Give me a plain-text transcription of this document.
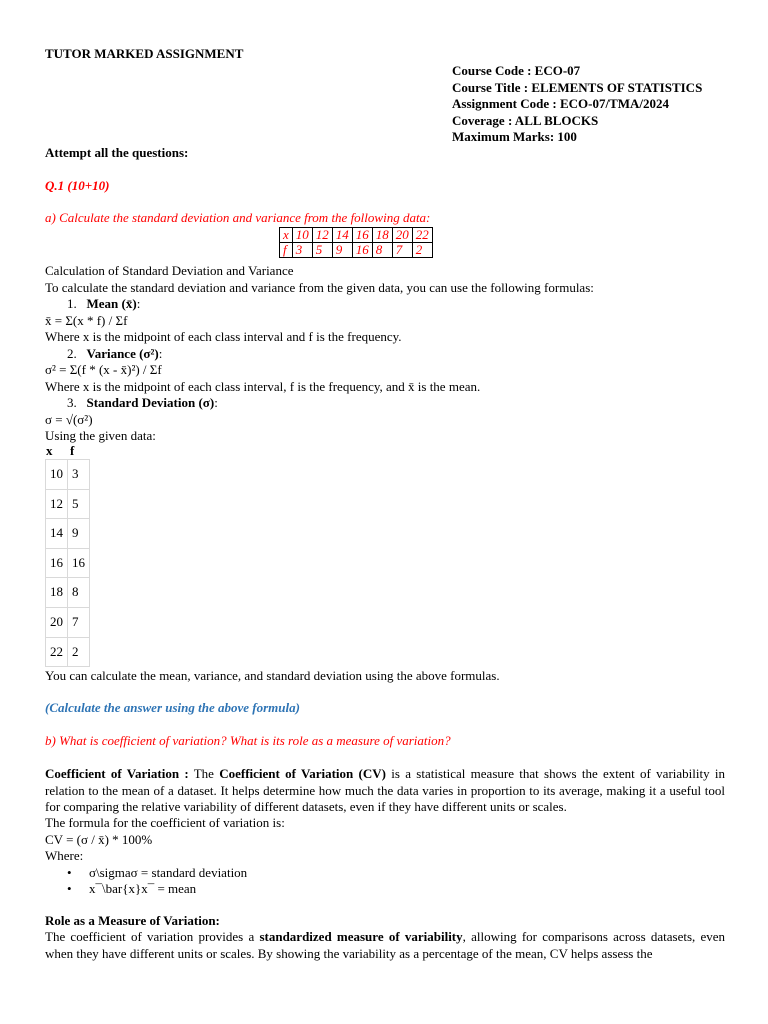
TUTOR MARKED ASSIGNMENT
Course Code : ECO-07
Course Title : ELEMENTS OF STATISTICS
Assignment Code : ECO-07/TMA/2024
Coverage : ALL BLOCKS
Maximum Marks: 100
Attempt all the questions:
Q.1 (10+10)
a) Calculate the standard deviation and variance from the following data:
x	10	12	14	16	18	20	22
f	3	5	9	16	8	7	2
Calculation of Standard Deviation and Variance
To calculate the standard deviation and variance from the given data, you can use the following formulas:
1. Mean (x̄):
x̄ = Σ(x * f) / Σf
Where x is the midpoint of each class interval and f is the frequency.
2. Variance (σ²):
σ² = Σ(f * (x - x̄)²) / Σf
Where x is the midpoint of each class interval, f is the frequency, and x̄ is the mean.
3. Standard Deviation (σ):
σ = √(σ²)
Using the given data:
x f
10	3
12	5
14	9
16	16
18	8
20	7
22	2
You can calculate the mean, variance, and standard deviation using the above formulas.
(Calculate the answer using the above formula)
b) What is coefficient of variation? What is its role as a measure of variation?
Coefficient of Variation : The Coefficient of Variation (CV) is a statistical measure that shows the extent of variability in relation to the mean of a dataset. It helps determine how much the data varies in proportion to its average, making it a useful tool for comparing the relative variability of different datasets, even if they have different units or scales.
The formula for the coefficient of variation is:
CV = (σ / x̄) * 100%
Where:
• σ\sigmaσ = standard deviation
• x¯\bar{x}x¯ = mean
Role as a Measure of Variation:
The coefficient of variation provides a standardized measure of variability, allowing for comparisons across datasets, even when they have different units or scales. By showing the variability as a percentage of the mean, CV helps assess the
